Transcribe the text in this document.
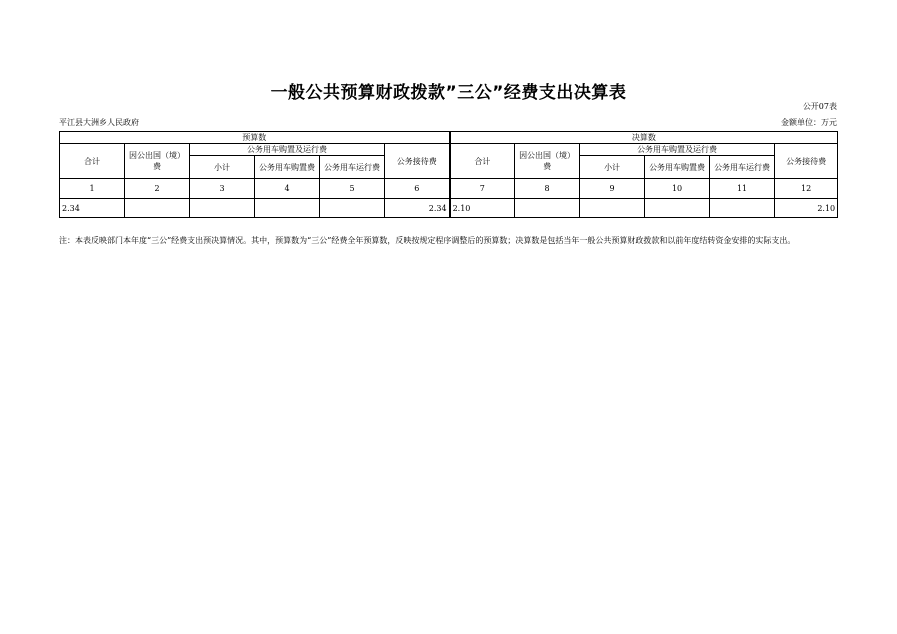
一般公共预算财政拨款”三公”经费支出决算表
公开07表
平江县大洲乡人民政府	金额单位：万元
预算数						决算数					
合计	因公出国（境）费	公务用车购置及运行费			公务接待费	合计	因公出国（境）费	公务用车购置及运行费			公务接待费
		小计	公务用车购置费	公务用车运行费				小计	公务用车购置费	公务用车运行费	
1	2	3	4	5	6	7	8	9	10	11	12
2.34					2.34	2.10					2.10
注：本表反映部门本年度“三公”经费支出预决算情况。其中，预算数为“三公”经费全年预算数，反映按规定程序调整后的预算数；决算数是包括当年一般公共预算财政拨款和以前年度结转资金安排的实际支出。
